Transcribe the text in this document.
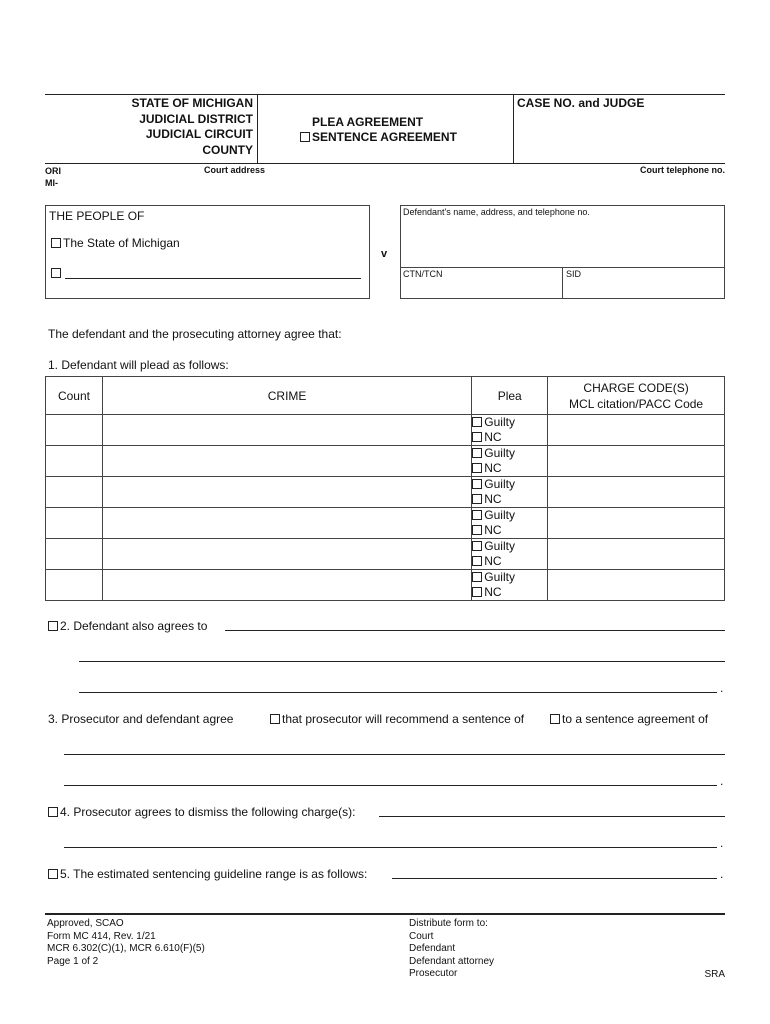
STATE OF MICHIGAN
JUDICIAL DISTRICT
JUDICIAL CIRCUIT
COUNTY
PLEA AGREEMENT
SENTENCE AGREEMENT
CASE NO. and JUDGE
ORI
MI-
Court address	Court telephone no.
THE PEOPLE OF
The State of Michigan
v
Defendant's name, address, and telephone no.
CTN/TCN	SID
The defendant and the prosecuting attorney agree that:
1. Defendant will plead as follows:
Count	CRIME	Plea	CHARGE CODE(S)
MCL citation/PACC Code

		Guilty
NC	

		Guilty
NC	

		Guilty
NC	

		Guilty
NC	

		Guilty
NC	

		Guilty
NC	

2. Defendant also agrees to
.
3. Prosecutor and defendant agree	that prosecutor will recommend a sentence of	to a sentence agreement of
.
4. Prosecutor agrees to dismiss the following charge(s):
.
5. The estimated sentencing guideline range is as follows:	.
Approved, SCAO
Form MC 414, Rev. 1/21
MCR 6.302(C)(1), MCR 6.610(F)(5)
Page 1 of 2
Distribute form to:
Court
Defendant
Defendant attorney
Prosecutor	SRA
